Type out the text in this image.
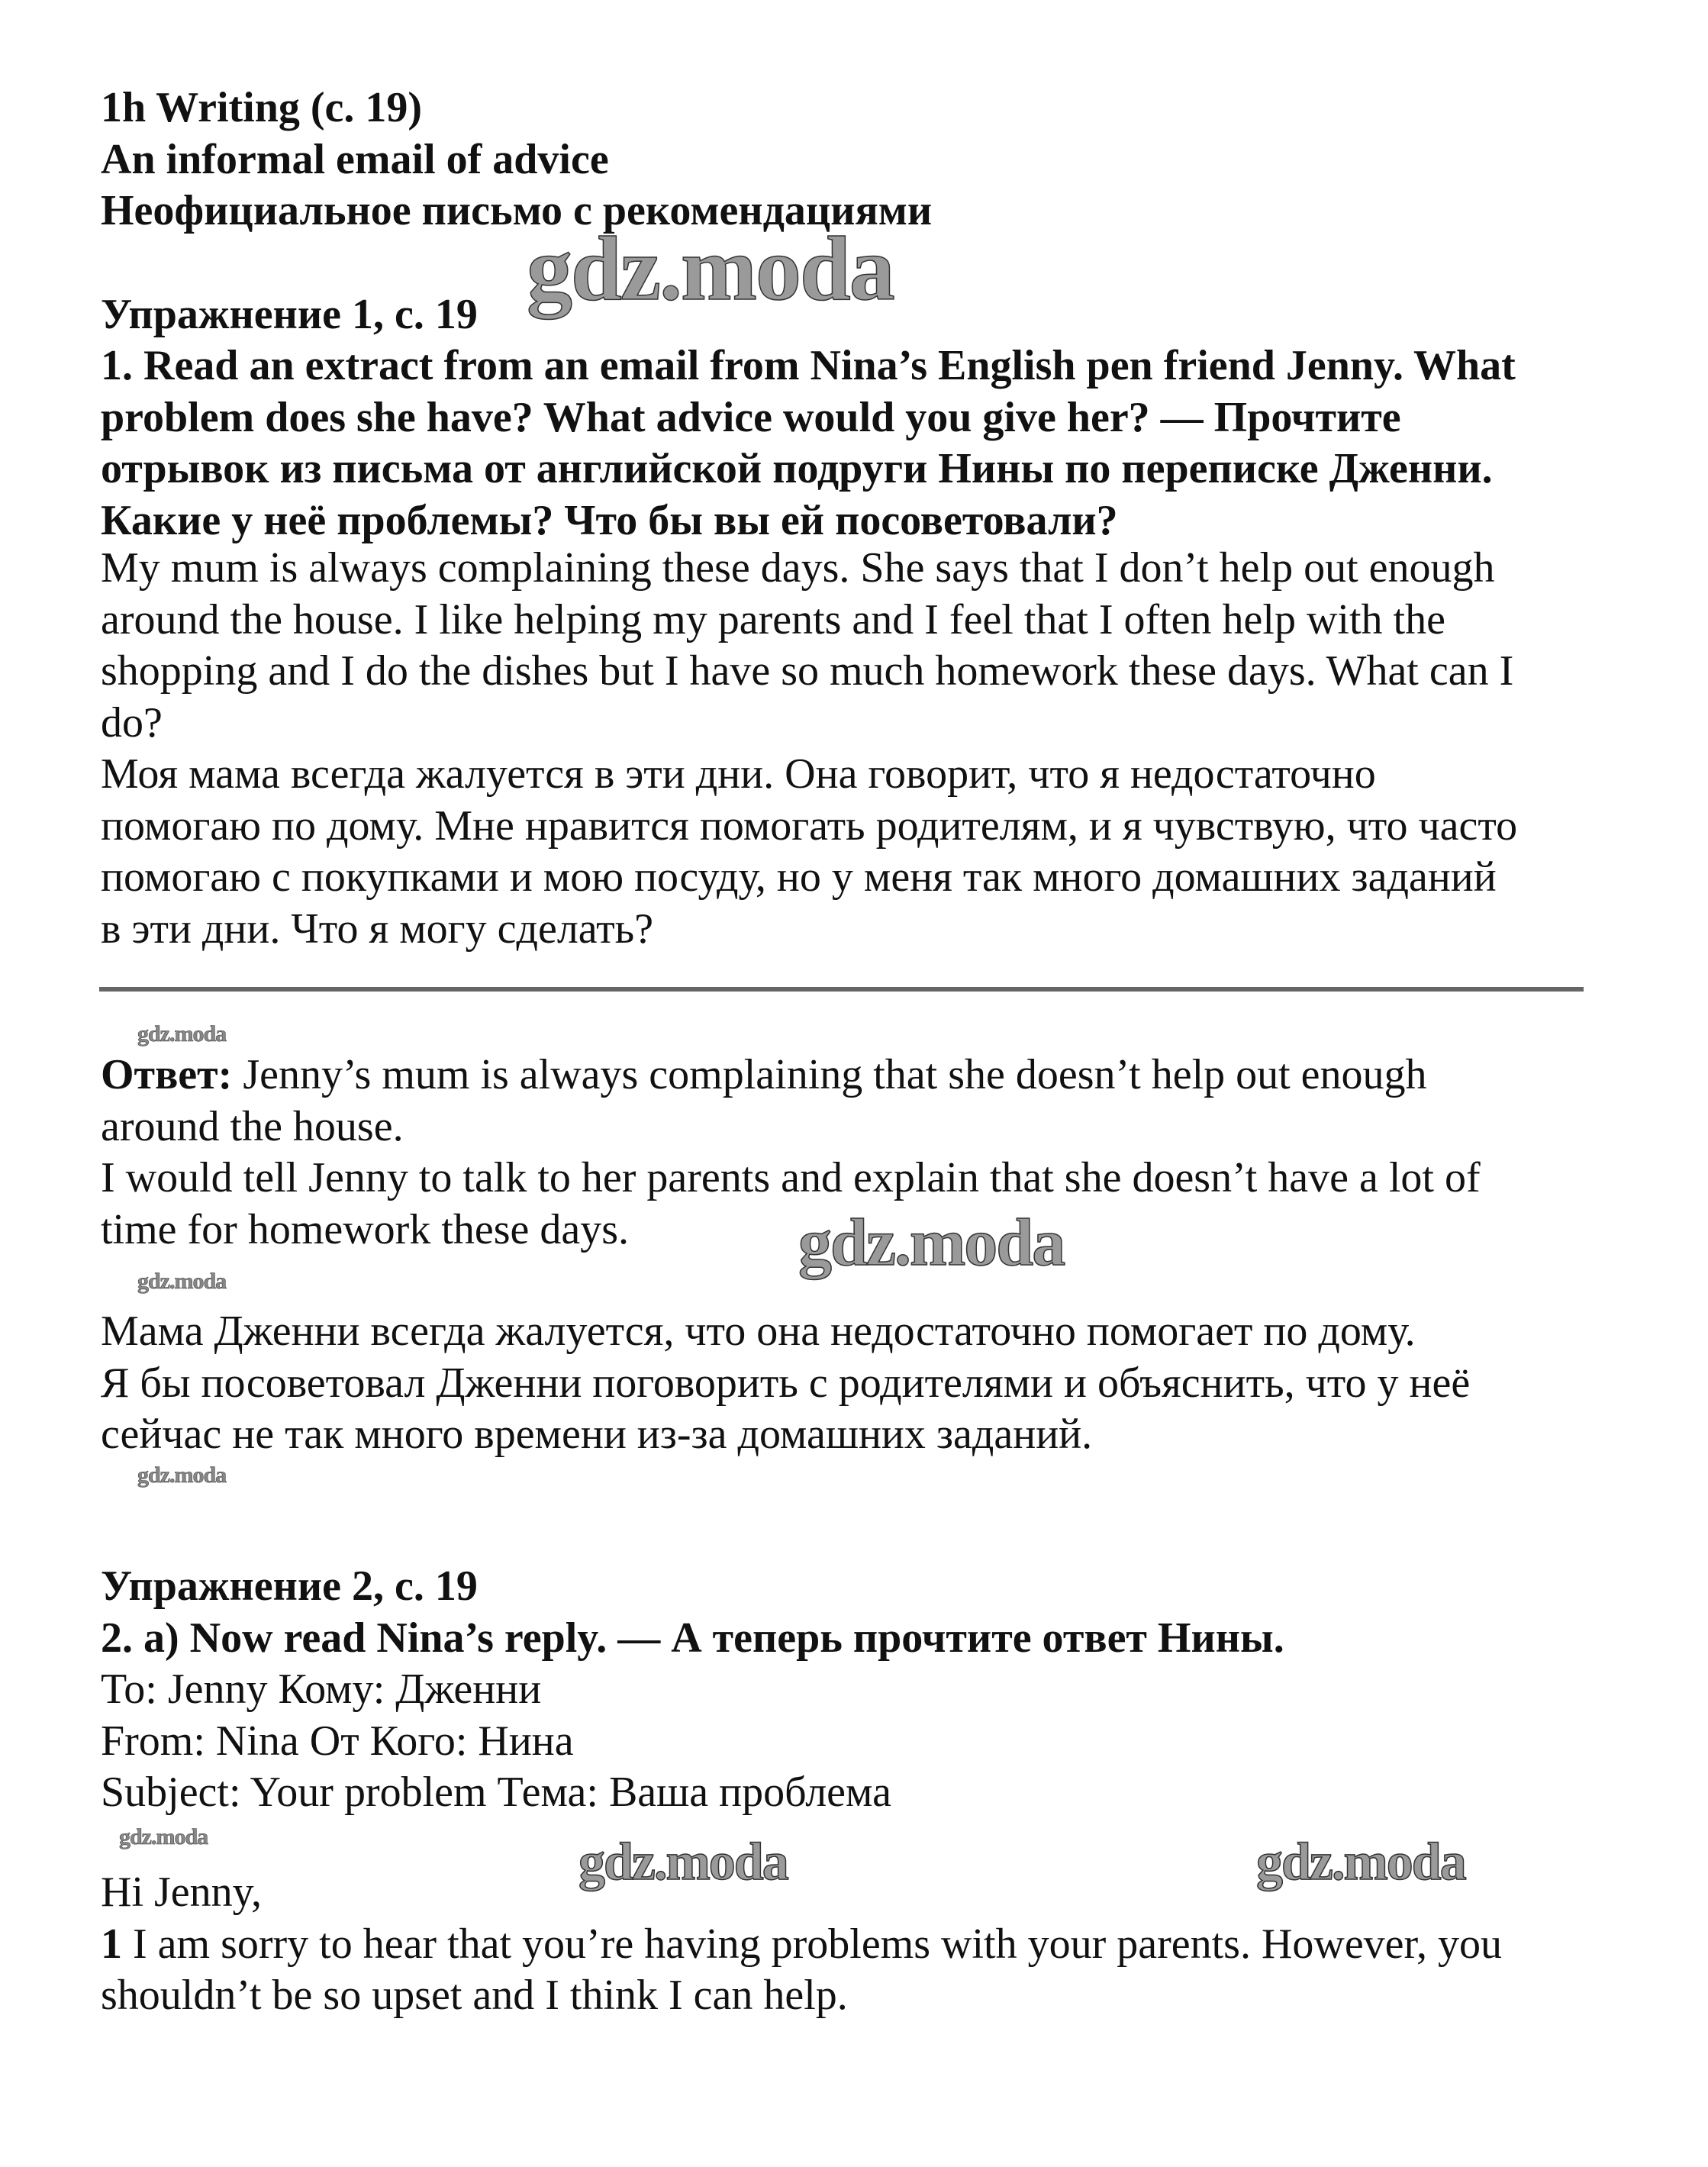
1h Writing (c. 19)
An informal email of advice
Неофициальное письмо с рекомендациями
Упражнение 1, с. 19
1. Read an extract from an email from Nina’s English pen friend Jenny. What
problem does she have? What advice would you give her? — Прочтите
отрывок из письма от английской подруги Нины по переписке Дженни.
Какие у неё проблемы? Что бы вы ей посоветовали?
My mum is always complaining these days. She says that I don’t help out enough
around the house. I like helping my parents and I feel that I often help with the
shopping and I do the dishes but I have so much homework these days. What can I
do?
Моя мама всегда жалуется в эти дни. Она говорит, что я недостаточно
помогаю по дому. Мне нравится помогать родителям, и я чувствую, что часто
помогаю с покупками и мою посуду, но у меня так много домашних заданий
в эти дни. Что я могу сделать?
Ответ: Jenny’s mum is always complaining that she doesn’t help out enough
around the house.
I would tell Jenny to talk to her parents and explain that she doesn’t have a lot of
time for homework these days.
Мама Дженни всегда жалуется, что она недостаточно помогает по дому.
Я бы посоветовал Дженни поговорить с родителями и объяснить, что у неё
сейчас не так много времени из-за домашних заданий.
Упражнение 2, с. 19
2. a) Now read Nina’s reply. — А теперь прочтите ответ Нины.
To: Jenny Кому: Дженни
From: Nina От Кого: Нина
Subject: Your problem Тема: Ваша проблема
Hi Jenny,
1 I am sorry to hear that you’re having problems with your parents. However, you
shouldn’t be so upset and I think I can help.
gdz.moda
gdz.moda
gdz.moda
gdz.moda
gdz.moda
gdz.moda	gdz.moda	gdz.moda
